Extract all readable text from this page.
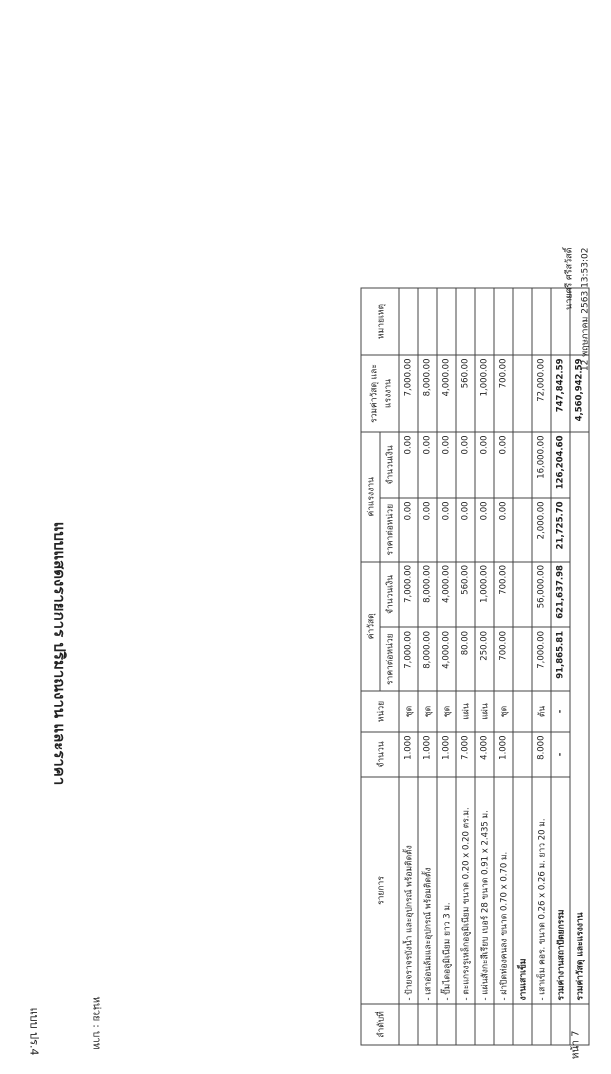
แบบแสดงรายการ ปริมาณงาน และราคา
แบบ ปร.4	หน่วย : บาท	ลำดับที่	รายการ	จำนวน	หน่วย	ค่าวัสดุ		ค่าแรงงาน		รวมค่าวัสดุ และแรงงาน	หมายเหตุ
				ราคาต่อหน่วย	จำนวนเงิน	ราคาต่อหน่วย	จำนวนเงิน		
	- ป้ายจราจรบังน้ำ และอุปกรณ์ พร้อมติดตั้ง	1.000	ชุด	7,000.00	7,000.00	0.00	0.00	7,000.00	
	- เสาอ่อนล้มและอุปกรณ์ พร้อมติดตั้ง	1.000	ชุด	8,000.00	8,000.00	0.00	0.00	8,000.00	
	- ปั๊มไดอลูมิเนียม ยาว 3 ม.	1.000	ชุด	4,000.00	4,000.00	0.00	0.00	4,000.00	
	- ตะแกรงรูเหล็กอลูมิเนียม ขนาด 0.20 x 0.20 ตร.ม.	7.000	แผ่น	80.00	560.00	0.00	0.00	560.00	
	- แผ่นสังกะสีเรียบ เบอร์ 28 ขนาด 0.91 x 2.435 ม.	4.000	แผ่น	250.00	1,000.00	0.00	0.00	1,000.00	
	- ฝาปิดท่องคนลง ขนาด 0.70 x 0.70 ม.	1.000	ชุด	700.00	700.00	0.00	0.00	700.00	
	งานเสาเข็ม								
	- เสาเข็ม คอร. ขนาด 0.26 x 0.26 ม. ยาว 20 ม.	8.000	ต้น	7,000.00	56,000.00	2,000.00	16,000.00	72,000.00	
	รวมค่างานสถาปัตยกรรม	-	-	91,865.81	621,637.98	21,725.70	126,204.60	747,842.59	
	รวมค่าวัสดุ และแรงงาน							4,560,942.59	
นายศรี ศรีสวัสดิ์ 12 พฤษภาคม 2563 13:53:02
หน้า 7
